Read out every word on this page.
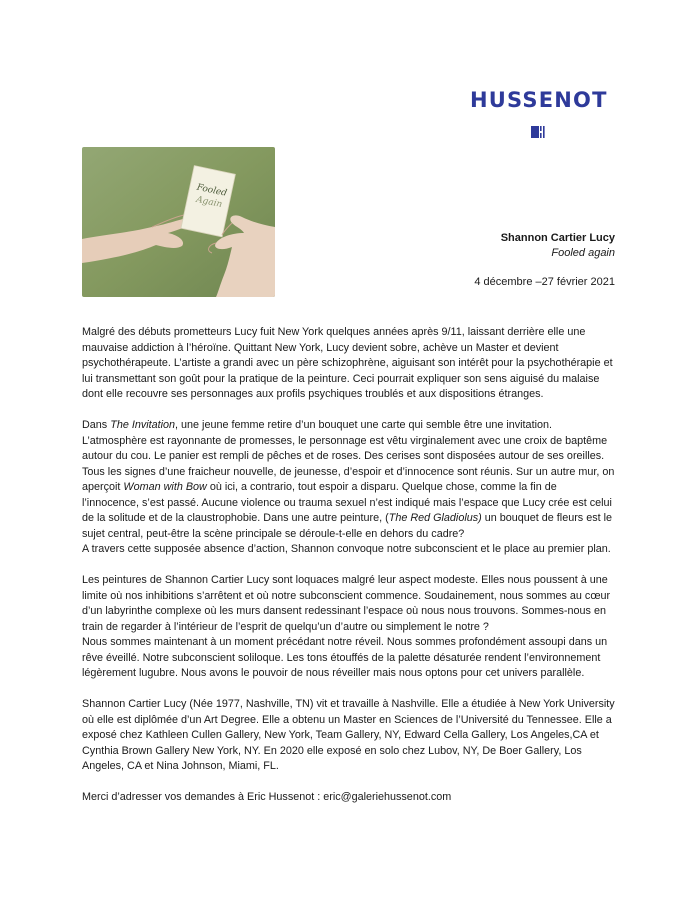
HUSSENOT
Fooled
Again
Shannon Cartier Lucy
Fooled again
4 décembre –27 février 2021

Malgré des débuts prometteurs Lucy fuit New York quelques années après 9/11, laissant derrière elle une mauvaise addiction à l’héroïne. Quittant New York, Lucy devient sobre, achève un Master et devient psychothérapeute. L’artiste a grandi avec un père schizophrène, aiguisant son intérêt pour la psychothérapie et lui transmettant son goût pour la pratique de la peinture. Ceci pourrait expliquer son sens aiguisé du malaise dont elle recouvre ses personnages aux profils psychiques troublés et aux dispositions étranges.

Dans The Invitation, une jeune femme retire d’un bouquet une carte qui semble être une invitation. L’atmosphère est rayonnante de promesses, le personnage est vêtu virginalement avec une croix de baptême autour du cou. Le panier est rempli de pêches et de roses. Des cerises sont disposées autour de ses oreilles. Tous les signes d’une fraicheur nouvelle, de jeunesse, d’espoir et d’innocence sont réunis. Sur un autre mur, on aperçoit Woman with Bow où ici, a contrario, tout espoir a disparu. Quelque chose, comme la fin de l’innocence, s’est passé. Aucune violence ou trauma sexuel n’est indiqué mais l’espace que Lucy crée est celui de la solitude et de la claustrophobie. Dans une autre peinture, (The Red Gladiolus) un bouquet de fleurs est le sujet central, peut-être la scène principale se déroule-t-elle en dehors du cadre?

A travers cette supposée absence d’action, Shannon convoque notre subconscient et le place au premier plan.

Les peintures de Shannon Cartier Lucy sont loquaces malgré leur aspect modeste. Elles nous poussent à une limite où nos inhibitions s’arrêtent et où notre subconscient commence. Soudainement, nous sommes au cœur d’un labyrinthe complexe où les murs dansent redessinant l’espace où nous nous trouvons. Sommes-nous en train de regarder à l’intérieur de l’esprit de quelqu’un d’autre ou simplement le notre ?

Nous sommes maintenant à un moment précédant notre réveil. Nous sommes profondément assoupi dans un rêve éveillé. Notre subconscient soliloque. Les tons étouffés de la palette désaturée rendent l’environnement légèrement lugubre. Nous avons le pouvoir de nous réveiller mais nous optons pour cet univers parallèle.

Shannon Cartier Lucy (Née 1977, Nashville, TN) vit et travaille à Nashville. Elle a étudiée à New York University où elle est diplômée d’un Art Degree. Elle a obtenu un Master en Sciences de l’Université du Tennessee. Elle a exposé chez Kathleen Cullen Gallery, New York, Team Gallery, NY, Edward Cella Gallery, Los Angeles,CA et Cynthia Brown Gallery New York, NY. En 2020 elle exposé en solo chez Lubov, NY, De Boer Gallery, Los Angeles, CA et Nina Johnson, Miami, FL.

Merci d’adresser vos demandes à Eric Hussenot : eric@galeriehussenot.com
